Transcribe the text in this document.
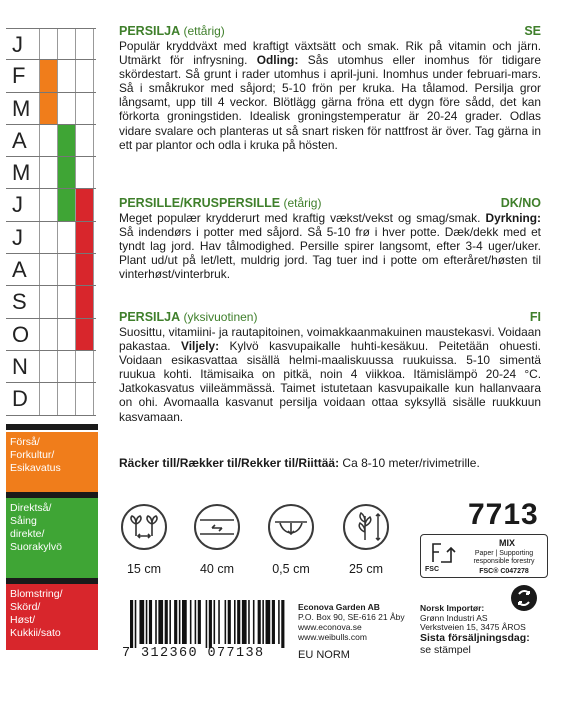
J
F
M
A
M
J
J
A
S
O
N
D
Förså/
Forkultur/
Esikavatus
Direktså/
Såing
direkte/
Suorakylvö
Blomstring/
Skörd/
Høst/
Kukkii/sato
PERSILJA (ettårig)	SE

Populär kryddväxt med kraftigt växtsätt och smak. Rik på vitamin och järn. Utmärkt för infrysning. Odling: Sås utomhus eller inomhus för tidigare skördestart. Så grunt i rader utomhus i april-juni. Inomhus under februari-mars. Så i småkrukor med såjord; 5-10 frön per kruka. Ha tålamod. Persilja gror långsamt, upp till 4 veckor. Blötlägg gärna fröna ett dygn före sådd, det kan förkorta groningstiden. Idealisk groningstemperatur är 20-24 grader. Odlas vidare svalare och planteras ut så snart risken för nattfrost är över. Tag gärna in ett par plantor och odla i kruka på hösten.

PERSILLE/KRUSPERSILLE (etårig)	DK/NO

Meget populær krydderurt med kraftig vækst/vekst og smag/smak. Dyrkning: Så indendørs i potter med såjord. Så 5-10 frø i hver potte. Dæk/dekk med et tyndt lag jord. Hav tålmodighed. Persille spirer langsomt, efter 3-4 uger/uker. Plant ud/ut på let/lett, muldrig jord. Tag tuer ind i potte om efteråret/høsten til vinterhøst/vinterbruk.

PERSILJA (yksivuotinen)	FI

Suosittu, vitamiini- ja rautapitoinen, voimakkaanmakuinen maustekasvi. Voidaan pakastaa. Viljely: Kylvö kasvupaikalle huhti-kesäkuu. Peitetään ohuesti. Voidaan esikasvattaa sisällä helmi-maaliskuussa ruukuissa. 5-10 simentä ruukua kohti. Itämisaika on pitkä, noin 4 viikkoa. Itämislämpö 20-24 °C. Jatkokasvatus viileämmässä. Taimet istutetaan kasvupaikalle kun hallanvaara on ohi. Avomaalla kasvanut persilja voidaan ottaa syksyllä sisälle ruukkuun kasvamaan.

Räcker till/Rækker til/Rekker til/Riittää: Ca 8-10 meter/rivimetrille.
15 cm	40 cm	0,5 cm	25 cm
7713
FSC
MIX
Paper | Supporting responsible forestry
FSC® C047278
7 312360 077138
Econova Garden AB
P.O. Box 90, SE-616 21 Åby
www.econova.se
www.weibulls.com
EU NORM
Norsk Importør:
Grønn Industri AS
Verkstveien 15, 3475 ÅROS
Sista försäljningsdag:
se stämpel
